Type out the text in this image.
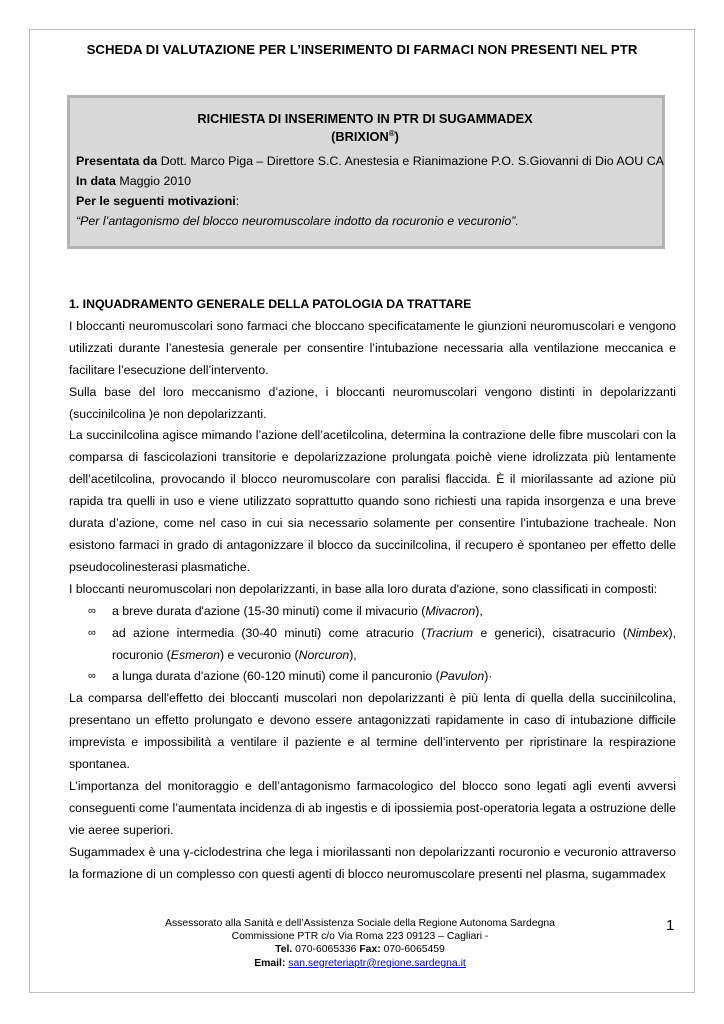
SCHEDA DI VALUTAZIONE PER L’INSERIMENTO DI FARMACI NON PRESENTI NEL PTR
RICHIESTA DI INSERIMENTO IN PTR DI SUGAMMADEX
(BRIXION®)
Presentata da Dott. Marco Piga – Direttore S.C. Anestesia e Rianimazione P.O. S.Giovanni di Dio AOU CA
In data Maggio 2010
Per le seguenti motivazioni:
“Per l’antagonismo del blocco neuromuscolare indotto da rocuronio e vecuronio”.
1. INQUADRAMENTO GENERALE DELLA PATOLOGIA DA TRATTARE

I bloccanti neuromuscolari sono farmaci che bloccano specificatamente le giunzioni neuromuscolari e vengono utilizzati durante l’anestesia generale per consentire l’intubazione necessaria alla ventilazione meccanica e facilitare l’esecuzione dell’intervento.

Sulla base del loro meccanismo d’azione, i bloccanti neuromuscolari vengono distinti in depolarizzanti (succinilcolina )e non depolarizzanti.

La succinilcolina agisce mimando l’azione dell’acetilcolina, determina la contrazione delle fibre muscolari con la comparsa di fascicolazioni transitorie e depolarizzazione prolungata poichè viene idrolizzata più lentamente dell’acetilcolina, provocando il blocco neuromuscolare con paralisi flaccida. È il miorilassante ad azione più rapida tra quelli in uso e viene utilizzato soprattutto quando sono richiesti una rapida insorgenza e una breve durata d’azione, come nel caso in cui sia necessario solamente per consentire l’intubazione tracheale. Non esistono farmaci in grado di antagonizzare il blocco da succinilcolina, il recupero è spontaneo per effetto delle pseudocolinesterasi plasmatiche.

I bloccanti neuromuscolari non depolarizzanti, in base alla loro durata d'azione, sono classificati in composti:

∞ a breve durata d'azione (15-30 minuti) come il mivacurio (Mivacron),
∞ ad azione intermedia (30-40 minuti) come atracurio (Tracrium e generici), cisatracurio (Nimbex), rocuronio (Esmeron) e vecuronio (Norcuron),
∞ a lunga durata d'azione (60-120 minuti) come il pancuronio (Pavulon)·

La comparsa dell'effetto dei bloccanti muscolari non depolarizzanti è più lenta di quella della succinilcolina, presentano un effetto prolungato e devono essere antagonizzati rapidamente in caso di intubazione difficile imprevista e impossibilità a ventilare il paziente e al termine dell’intervento per ripristinare la respirazione spontanea.

L’importanza del monitoraggio e dell’antagonismo farmacologico del blocco sono legati agli eventi avversi conseguenti come l’aumentata incidenza di ab ingestis e di ipossiemia post-operatoria legata a ostruzione delle vie aeree superiori.

Sugammadex è una γ-ciclodestrina che lega i miorilassanti non depolarizzanti rocuronio e vecuronio attraverso la formazione di un complesso con questi agenti di blocco neuromuscolare presenti nel plasma, sugammadex

Assessorato alla Sanità e dell’Assistenza Sociale della Regione Autonoma Sardegna
Commissione PTR c/o Via Roma 223 09123 – Cagliari -
Tel. 070-6065336 Fax: 070-6065459
Email: san.segreteriaptr@regione.sardegna.it
1
